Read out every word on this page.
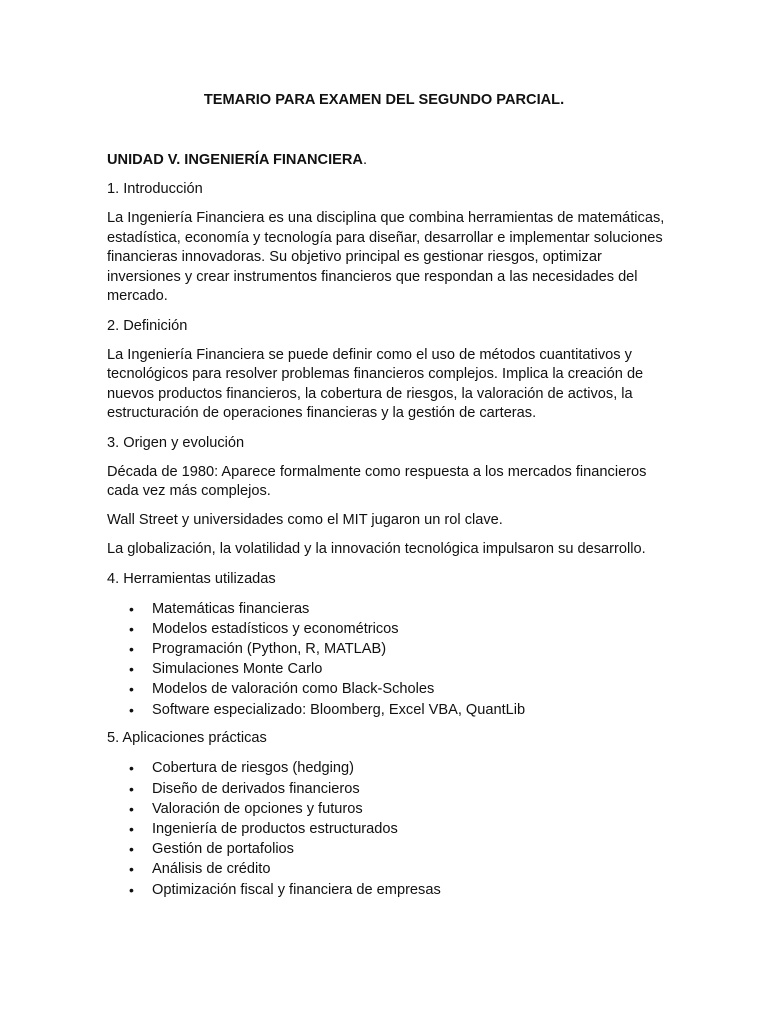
TEMARIO PARA EXAMEN DEL SEGUNDO PARCIAL.
UNIDAD V. INGENIERÍA FINANCIERA.

1. Introducción

La Ingeniería Financiera es una disciplina que combina herramientas de matemáticas, estadística, economía y tecnología para diseñar, desarrollar e implementar soluciones financieras innovadoras. Su objetivo principal es gestionar riesgos, optimizar inversiones y crear instrumentos financieros que respondan a las necesidades del mercado.

2. Definición

La Ingeniería Financiera se puede definir como el uso de métodos cuantitativos y tecnológicos para resolver problemas financieros complejos. Implica la creación de nuevos productos financieros, la cobertura de riesgos, la valoración de activos, la estructuración de operaciones financieras y la gestión de carteras.

3. Origen y evolución

Década de 1980: Aparece formalmente como respuesta a los mercados financieros cada vez más complejos.

Wall Street y universidades como el MIT jugaron un rol clave.

La globalización, la volatilidad y la innovación tecnológica impulsaron su desarrollo.

4. Herramientas utilizadas

• Matemáticas financieras
• Modelos estadísticos y econométricos
• Programación (Python, R, MATLAB)
• Simulaciones Monte Carlo
• Modelos de valoración como Black-Scholes
• Software especializado: Bloomberg, Excel VBA, QuantLib

5. Aplicaciones prácticas

• Cobertura de riesgos (hedging)
• Diseño de derivados financieros
• Valoración de opciones y futuros
• Ingeniería de productos estructurados
• Gestión de portafolios
• Análisis de crédito
• Optimización fiscal y financiera de empresas
